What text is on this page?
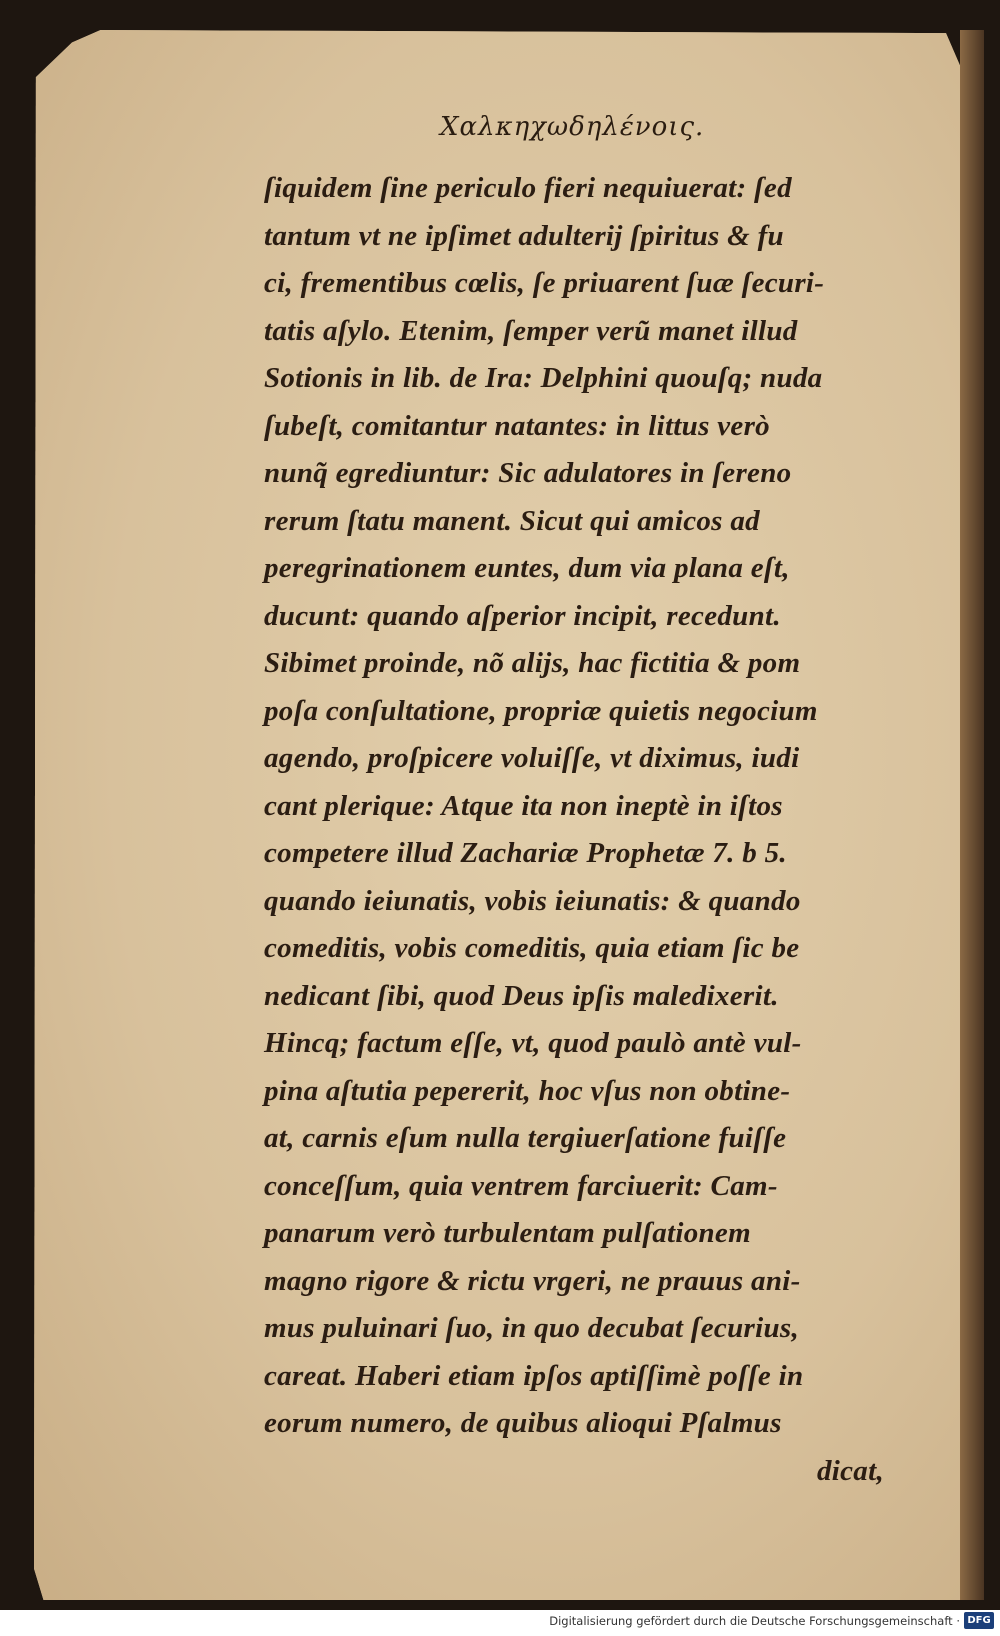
Χαλκηχωδηλένοις.
ſiquidem ſine periculo fieri nequiuerat: ſed
tantum vt ne ipſimet adulterij ſpiritus & fu
ci, frementibus cœlis, ſe priuarent ſuæ ſecuri-
tatis aſylo. Etenim, ſemper verũ manet illud
Sotionis in lib. de Ira: Delphini quouſq; nuda
ſubeſt, comitantur natantes: in littus verò
nunq̃ egrediuntur: Sic adulatores in ſereno
rerum ſtatu manent. Sicut qui amicos ad
peregrinationem euntes, dum via plana eſt,
ducunt: quando aſperior incipit, recedunt.
Sibimet proinde, nõ alijs, hac fictitia & pom
poſa conſultatione, propriæ quietis negocium
agendo, proſpicere voluiſſe, vt diximus, iudi
cant plerique: Atque ita non ineptè in iſtos
competere illud Zachariæ Prophetæ 7. b 5.
quando ieiunatis, vobis ieiunatis: & quando
comeditis, vobis comeditis, quia etiam ſic be
nedicant ſibi, quod Deus ipſis maledixerit.
Hincq; factum eſſe, vt, quod paulò antè vul-
pina aſtutia pepererit, hoc vſus non obtine-
at, carnis eſum nulla tergiuerſatione fuiſſe
conceſſum, quia ventrem farciuerit: Cam-
panarum verò turbulentam pulſationem
magno rigore & rictu vrgeri, ne prauus ani-
mus puluinari ſuo, in quo decubat ſecurius,
careat. Haberi etiam ipſos aptiſſimè poſſe in
eorum numero, de quibus alioqui Pſalmus
dicat,
Digitalisierung gefördert durch die Deutsche Forschungsgemeinschaft · DFG
